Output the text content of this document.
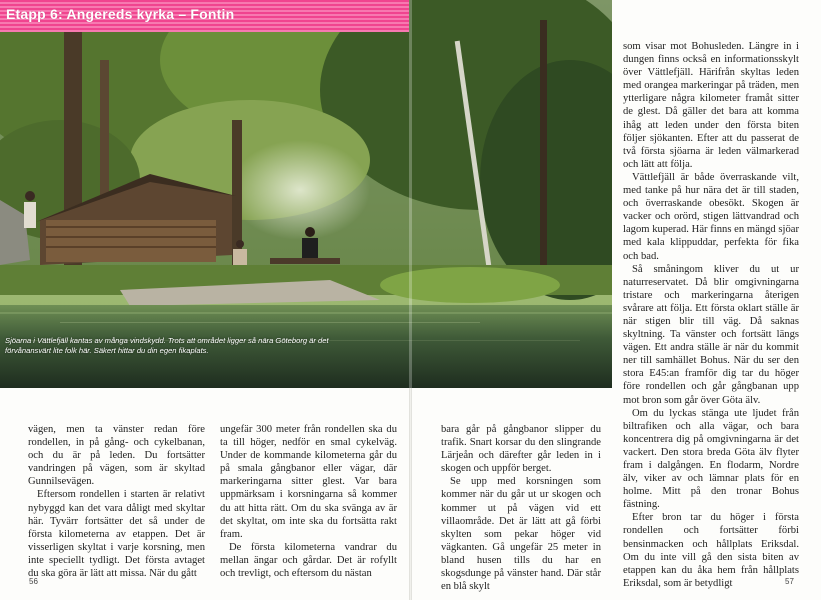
Etapp 6: Angereds kyrka – Fontin
Sjöarna i Vättlefjäll kantas av många vindskydd. Trots att området ligger så nära Göteborg är det förvånansvärt lite folk här. Säkert hittar du din egen fikaplats.

vägen, men ta vänster redan före rondellen, in på gång- och cykelbanan, och du är på leden. Du fortsätter vandringen på vägen, som är skyltad Gunnilsevägen.

Eftersom rondellen i starten är relativt nybyggd kan det vara dåligt med skyltar här. Tyvärr fortsätter det så under de första kilometerna av etappen. Det är visserligen skyltat i varje korsning, men inte speciellt tydligt. Det första avtaget du ska göra är lätt att missa. När du gått

ungefär 300 meter från rondellen ska du ta till höger, nedför en smal cykelväg. Under de kommande kilometerna går du på smala gångbanor eller vägar, där markeringarna sitter glest. Var bara uppmärksam i korsningarna så kommer du att hitta rätt. Om du ska svänga av är det skyltat, om inte ska du fortsätta rakt fram.

De första kilometerna vandrar du mellan ängar och gårdar. Det är rofyllt och trevligt, och eftersom du nästan

bara går på gångbanor slipper du trafik. Snart korsar du den slingrande Lärjeån och därefter går leden in i skogen och uppför berget.

Se upp med korsningen som kommer när du går ut ur skogen och kommer ut på vägen vid ett villaområde. Det är lätt att gå förbi skylten som pekar höger vid vägkanten. Gå ungefär 25 meter in bland husen tills du har en skogsdunge på vänster hand. Där står en blå skylt

som visar mot Bohusleden. Längre in i dungen finns också en informationsskylt över Vättlefjäll. Härifrån skyltas leden med orangea markeringar på träden, men ytterligare några kilometer framåt sitter de glest. Då gäller det bara att komma ihåg att leden under den första biten följer sjökanten. Efter att du passerat de två första sjöarna är leden välmarkerad och lätt att följa.

Vättlefjäll är både överraskande vilt, med tanke på hur nära det är till staden, och överraskande obesökt. Skogen är vacker och orörd, stigen lättvandrad och lagom kuperad. Här finns en mängd sjöar med kala klippuddar, perfekta för fika och bad.

Så småningom kliver du ut ur naturreservatet. Då blir omgivningarna tristare och markeringarna återigen svårare att följa. Ett första oklart ställe är när stigen blir till väg. Då saknas skyltning. Ta vänster och fortsätt längs vägen. Ett andra ställe är när du kommit ner till samhället Bohus. När du ser den stora E45:an framför dig tar du höger före rondellen och går gångbanan upp mot bron som går över Göta älv.

Om du lyckas stänga ute ljudet från biltrafiken och alla vägar, och bara koncentrera dig på omgivningarna är det vackert. Den stora breda Göta älv flyter fram i dalgången. En flodarm, Nordre älv, viker av och lämnar plats för en holme. Mitt på den tronar Bohus fästning.

Efter bron tar du höger i första rondellen och fortsätter förbi bensinmacken och hållplats Eriksdal. Om du inte vill gå den sista biten av etappen kan du åka hem från hållplats Eriksdal, som är betydligt

56	57
